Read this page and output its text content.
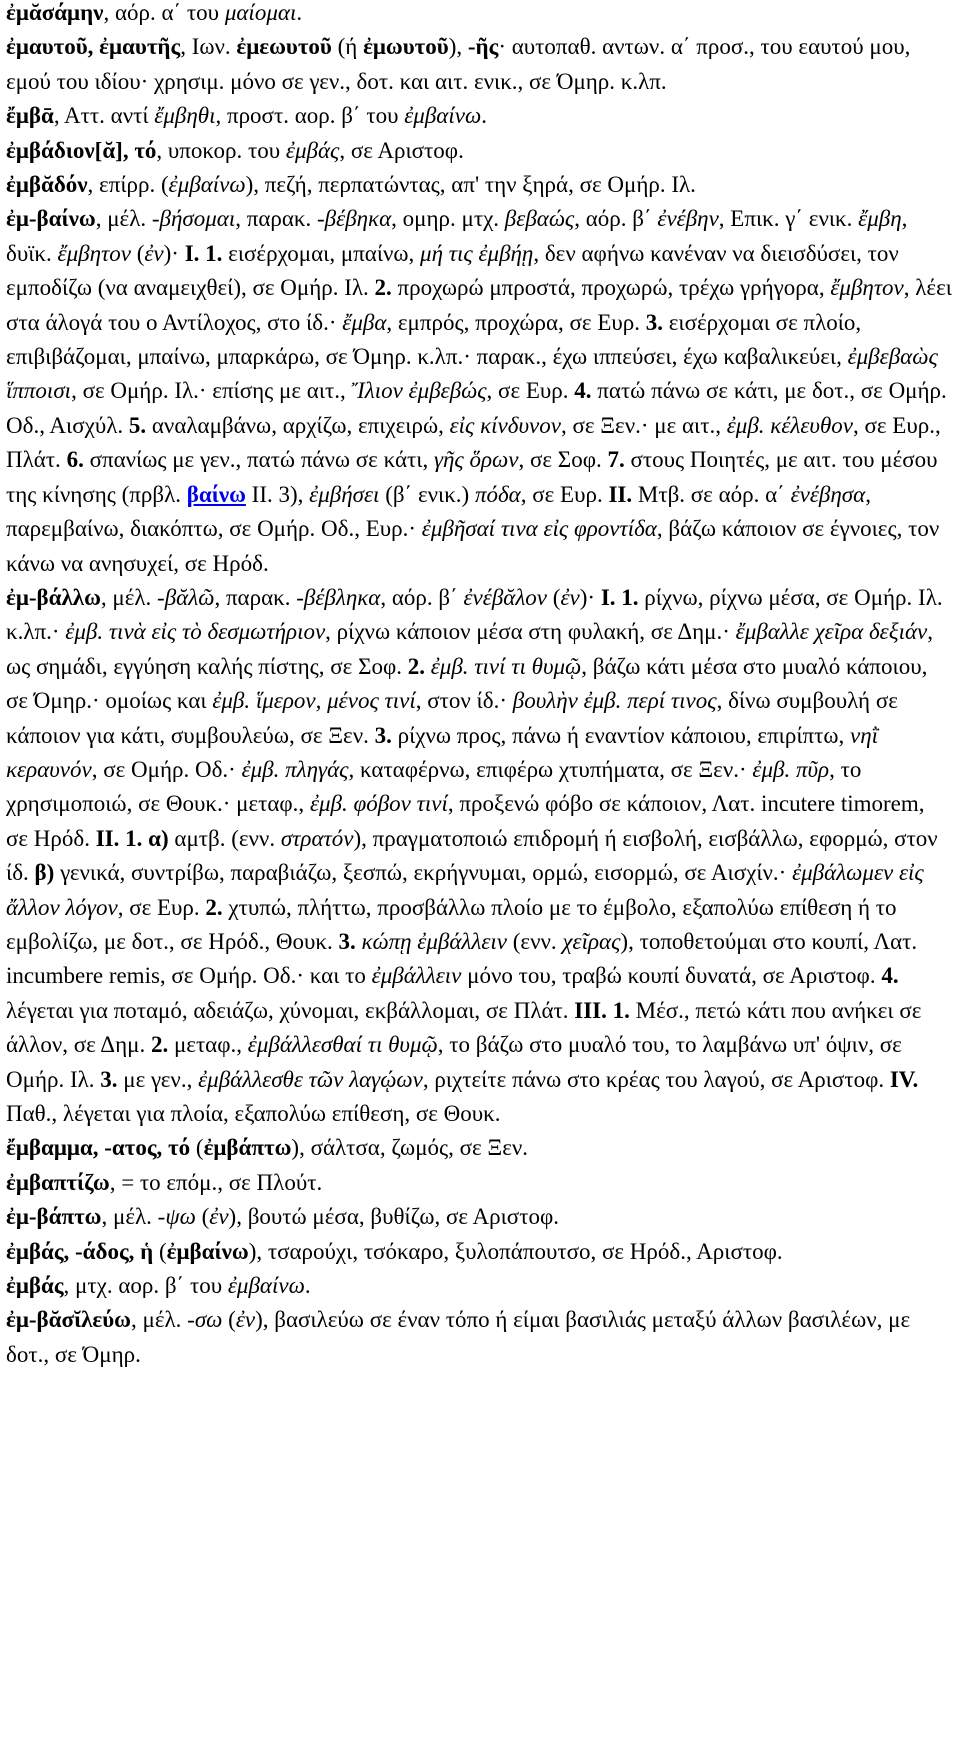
ἐμᾰσάμην, αόρ. α΄ του μαίομαι.
ἐμαυτοῦ, ἐμαυτῆς, Ιων. ἐμεωυτοῦ (ή ἐμωυτοῦ), -ῆς· αυτοπαθ. αντων. α΄ προσ., του εαυτού μου, εμού του ιδίου· χρησιμ. μόνο σε γεν., δοτ. και αιτ. ενικ., σε Όμηρ. κ.λπ.
ἔμβᾱ, Αττ. αντί ἔμβηθι, προστ. αορ. β΄ του ἐμβαίνω.
ἐμβάδιον[ᾰ], τό, υποκορ. του ἐμβάς, σε Αριστοφ.
ἐμβᾰδόν, επίρρ. (ἐμβαίνω), πεζή, περπατώντας, απ' την ξηρά, σε Ομήρ. Ιλ.
ἐμ-βαίνω, μέλ. -βήσομαι, παρακ. -βέβηκα, ομηρ. μτχ. βεβαώς, αόρ. β΄ ἐνέβην, Επικ. γ΄ ενικ. ἔμβη, δυϊκ. ἔμβητον (ἐν)· I. 1. εισέρχομαι, μπαίνω, μή τις ἐμβήῃ, δεν αφήνω κανέναν να διεισδύσει, τον εμποδίζω (να αναμειχθεί), σε Ομήρ. Ιλ. 2. προχωρώ μπροστά, προχωρώ, τρέχω γρήγορα, ἔμβητον, λέει στα άλογά του ο Αντίλοχος, στο ίδ.· ἔμβα, εμπρός, προχώρα, σε Ευρ. 3. εισέρχομαι σε πλοίο, επιβιβάζομαι, μπαίνω, μπαρκάρω, σε Όμηρ. κ.λπ.· παρακ., έχω ιππεύσει, έχω καβαλικεύει, ἐμβεβαὼς ἵπποισι, σε Ομήρ. Ιλ.· επίσης με αιτ., Ἴλιον ἐμβεβώς, σε Ευρ. 4. πατώ πάνω σε κάτι, με δοτ., σε Ομήρ. Οδ., Αισχύλ. 5. αναλαμβάνω, αρχίζω, επιχειρώ, εἰς κίνδυνον, σε Ξεν.· με αιτ., ἐμβ. κέλευθον, σε Ευρ., Πλάτ. 6. σπανίως με γεν., πατώ πάνω σε κάτι, γῆς ὅρων, σε Σοφ. 7. στους Ποιητές, με αιτ. του μέσου της κίνησης (πρβλ. βαίνω II. 3), ἐμβήσει (β΄ ενικ.) πόδα, σε Ευρ. II. Μτβ. σε αόρ. α΄ ἐνέβησα, παρεμβαίνω, διακόπτω, σε Ομήρ. Οδ., Ευρ.· ἐμβῆσαί τινα εἰς φροντίδα, βάζω κάποιον σε έγνοιες, τον κάνω να ανησυχεί, σε Ηρόδ.
ἐμ-βάλλω, μέλ. -βᾰλῶ, παρακ. -βέβληκα, αόρ. β΄ ἐνέβᾰλον (ἐν)· I. 1. ρίχνω, ρίχνω μέσα, σε Ομήρ. Ιλ. κ.λπ.· ἐμβ. τινὰ εἰς τὸ δεσμωτήριον, ρίχνω κάποιον μέσα στη φυλακή, σε Δημ.· ἔμβαλλε χεῖρα δεξιάν, ως σημάδι, εγγύηση καλής πίστης, σε Σοφ. 2. ἐμβ. τινί τι θυμῷ, βάζω κάτι μέσα στο μυαλό κάποιου, σε Όμηρ.· ομοίως και ἐμβ. ἵμερον, μένος τινί, στον ίδ.· βουλὴν ἐμβ. περί τινος, δίνω συμβουλή σε κάποιον για κάτι, συμβουλεύω, σε Ξεν. 3. ρίχνω προς, πάνω ή εναντίον κάποιου, επιρίπτω, νηῒ κεραυνόν, σε Ομήρ. Οδ.· ἐμβ. πληγάς, καταφέρνω, επιφέρω χτυπήματα, σε Ξεν.· ἐμβ. πῦρ, το χρησιμοποιώ, σε Θουκ.· μεταφ., ἐμβ. φόβον τινί, προξενώ φόβο σε κάποιον, Λατ. incutere timorem, σε Ηρόδ. II. 1. α) αμτβ. (ενν. στρατόν), πραγματοποιώ επιδρομή ή εισβολή, εισβάλλω, εφορμώ, στον ίδ. β) γενικά, συντρίβω, παραβιάζω, ξεσπώ, εκρήγνυμαι, ορμώ, εισορμώ, σε Αισχίν.· ἐμβάλωμεν εἰς ἄλλον λόγον, σε Ευρ. 2. χτυπώ, πλήττω, προσβάλλω πλοίο με το έμβολο, εξαπολύω επίθεση ή το εμβολίζω, με δοτ., σε Ηρόδ., Θουκ. 3. κώπῃ ἐμβάλλειν (ενν. χεῖρας), τοποθετούμαι στο κουπί, Λατ. incumbere remis, σε Ομήρ. Οδ.· και το ἐμβάλλειν μόνο του, τραβώ κουπί δυνατά, σε Αριστοφ. 4. λέγεται για ποταμό, αδειάζω, χύνομαι, εκβάλλομαι, σε Πλάτ. III. 1. Μέσ., πετώ κάτι που ανήκει σε άλλον, σε Δημ. 2. μεταφ., ἐμβάλλεσθαί τι θυμῷ, το βάζω στο μυαλό του, το λαμβάνω υπ' όψιν, σε Ομήρ. Ιλ. 3. με γεν., ἐμβάλλεσθε τῶν λαγῴων, ριχτείτε πάνω στο κρέας του λαγού, σε Αριστοφ. IV. Παθ., λέγεται για πλοία, εξαπολύω επίθεση, σε Θουκ.
ἔμβαμμα, -ατος, τό (ἐμβάπτω), σάλτσα, ζωμός, σε Ξεν.
ἐμβαπτίζω, = το επόμ., σε Πλούτ.
ἐμ-βάπτω, μέλ. -ψω (ἐν), βουτώ μέσα, βυθίζω, σε Αριστοφ.
ἐμβάς, -άδος, ἡ (ἐμβαίνω), τσαρούχι, τσόκαρο, ξυλοπάπουτσο, σε Ηρόδ., Αριστοφ.
ἐμβάς, μτχ. αορ. β΄ του ἐμβαίνω.
ἐμ-βᾰσῐλεύω, μέλ. -σω (ἐν), βασιλεύω σε έναν τόπο ή είμαι βασιλιάς μεταξύ άλλων βασιλέων, με δοτ., σε Όμηρ.
